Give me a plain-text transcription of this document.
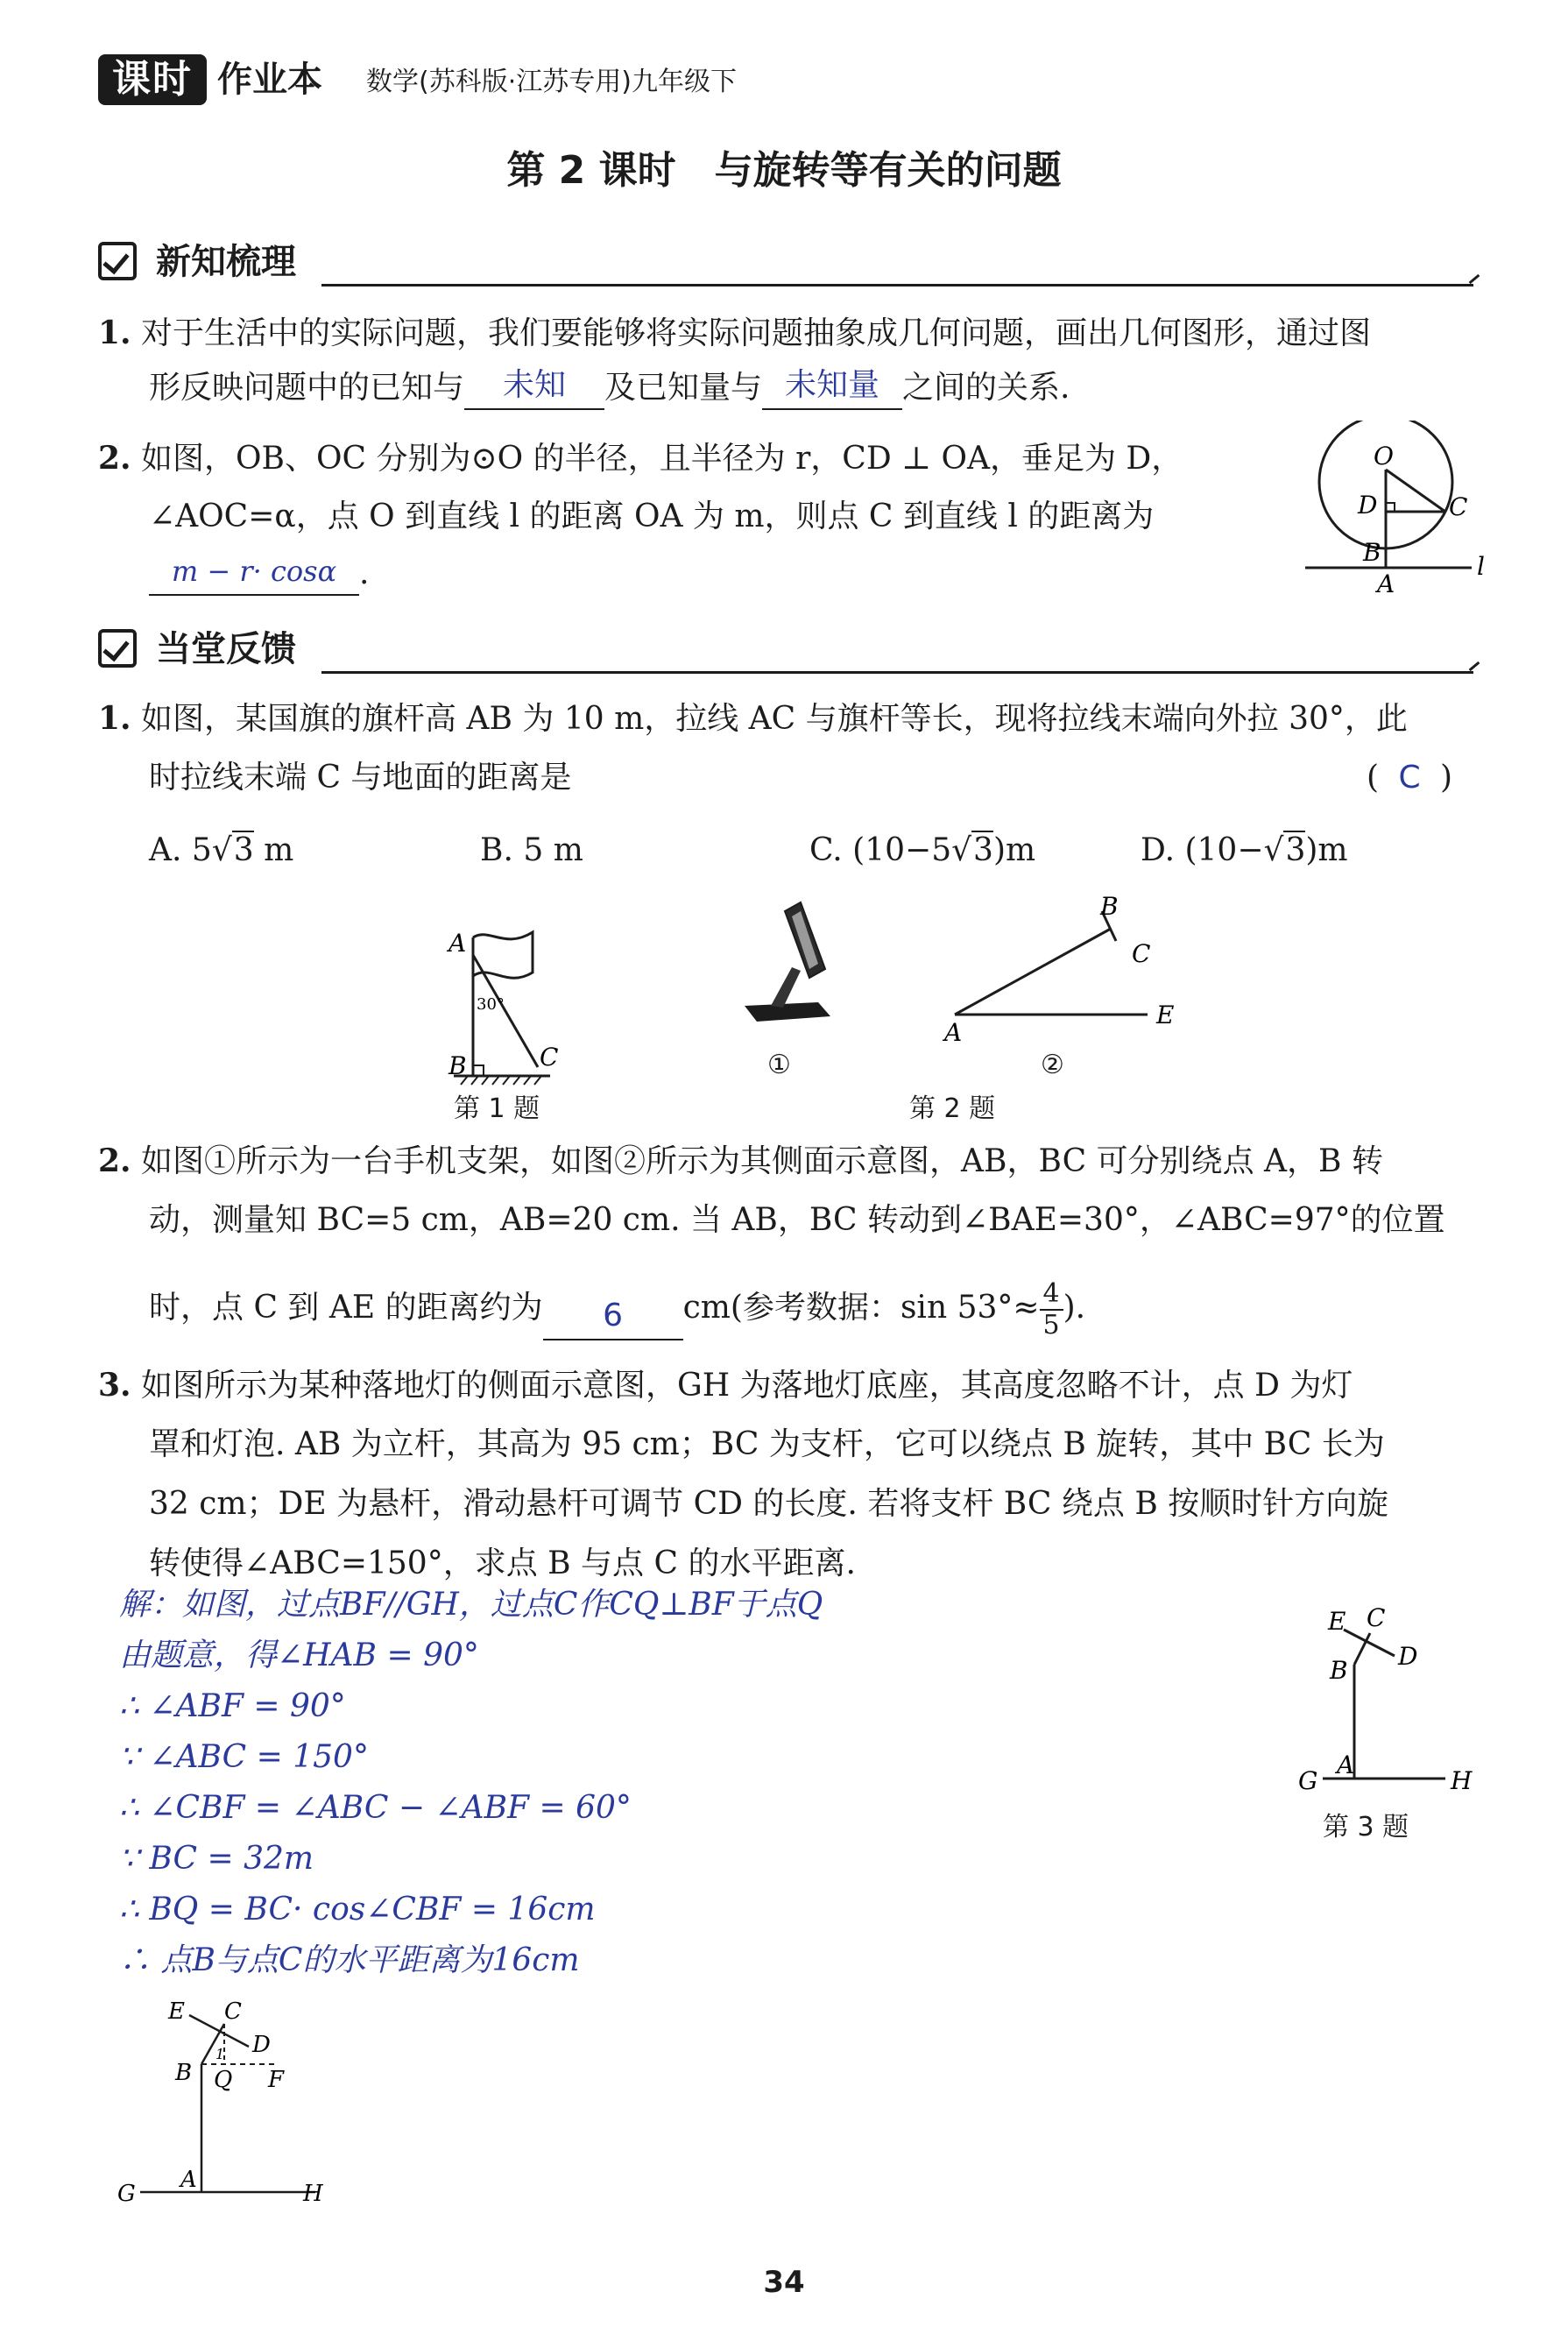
课时 作业本 数学(苏科版·江苏专用)九年级下
第 2 课时　与旋转等有关的问题
新知梳理
1. 对于生活中的实际问题，我们要能够将实际问题抽象成几何问题，画出几何图形，通过图
形反映问题中的已知与	未知	及已知量与 未知量 之间的关系.
2. 如图，OB、OC 分别为⊙O 的半径，且半径为 r，CD ⊥ OA，垂足为 D，
∠AOC=α，点 O 到直线 l 的距离 OA 为 m，则点 C 到直线 l 的距离为
m − r· cosα .
O
D	C
B
A
l
当堂反馈
1. 如图，某国旗的旗杆高 AB 为 10 m，拉线 AC 与旗杆等长，现将拉线末端向外拉 30°，此
时拉线末端 C 与地面的距离是	( C )
A. 5√3 m	B. 5 m	C. (10−5√3)m	D. (10−√3)m
A
30°
B	C
第 1 题
①
A
B
C
E
②
第 2 题
2. 如图①所示为一台手机支架，如图②所示为其侧面示意图，AB，BC 可分别绕点 A，B 转
动，测量知 BC=5 cm，AB=20 cm. 当 AB，BC 转动到∠BAE=30°，∠ABC=97°的位置
时，点 C 到 AE 的距离约为	6	cm(参考数据：$\sin 53^\circ\approx \frac{4}{5}$ ).
3. 如图所示为某种落地灯的侧面示意图，GH 为落地灯底座，其高度忽略不计，点 D 为灯
罩和灯泡. AB 为立杆，其高为 95 cm；BC 为支杆，它可以绕点 B 旋转，其中 BC 长为
32 cm；DE 为悬杆，滑动悬杆可调节 CD 的长度. 若将支杆 BC 绕点 B 按顺时针方向旋
转使得∠ABC=150°，求点 B 与点 C 的水平距离.
解：如图，过点BF//GH，过点C作CQ⊥BF于点Q
由题意，得∠HAB = 90°
∴ ∠ABF = 90°
∵ ∠ABC = 150°
∴ ∠CBF = ∠ABC − ∠ABF = 60°
∵ BC = 32m
∴ BQ = BC· cos∠CBF = 16cm
∴ 点B与点C的水平距离为16cm
E C
D
B
A
G	H
第 3 题
E C
D
B
1
Q F
A
G	H
34
